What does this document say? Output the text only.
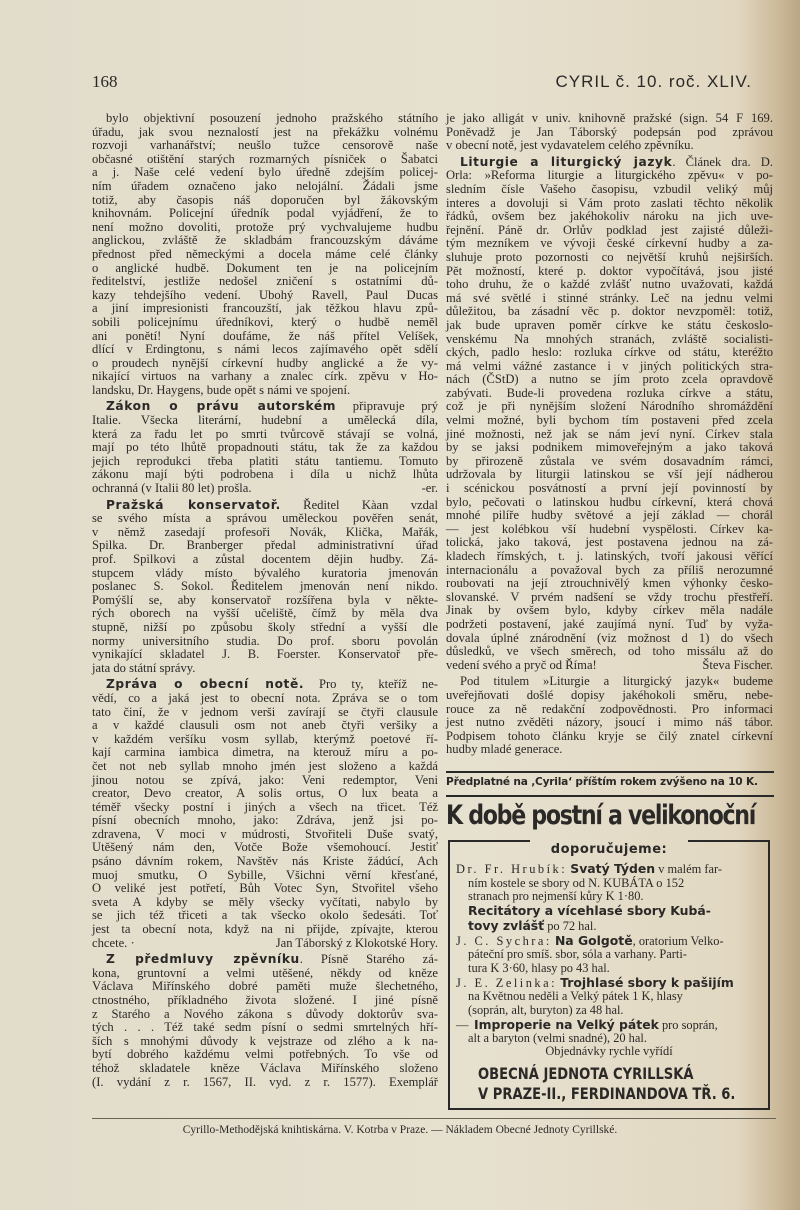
168	CYRIL č. 10. roč. XLIV.
bylo objektivní posouzení jednoho pražského státního
úřadu, jak svou neznalostí jest na překážku volnému
rozvoji varhanářství; neušlo tužce censorově naše
občasné otištění starých rozmarných písniček o Šabatci
a j. Naše celé vedení bylo úředně zdejším policej-
ním úřadem označeno jako nelojální. Žádali jsme
totiž, aby časopis náš doporučen byl žákovským
knihovnám. Policejní úředník podal vyjádření, že to
není možno dovoliti, protože prý vychvalujeme hudbu
anglickou, zvláště že skladbám francouzským dáváme
přednost před německými a docela máme celé články
o anglické hudbě. Dokument ten je na policejním
ředitelství, jestliže nedošel zničení s ostatními dů-
kazy tehdejšího vedení. Ubohý Ravell, Paul Ducas
a jiní impresionisti francouzští, jak těžkou hlavu způ-
sobili policejnímu úředníkovi, který o hudbě neměl
ani ponětí! Nyní doufáme, že náš přítel Velíšek,
dlící v Erdingtonu, s námi lecos zajímavého opět sdělí
o proudech nynější církevní hudby anglické a že vy-
nikající virtuos na varhany a znalec círk. zpěvu v Ho-
landsku, Dr. Haygens, bude opět s námi ve spojení.
Zákon o právu autorském připravuje prý
Italie. Všecka literární, hudební a umělecká díla,
která za řadu let po smrti tvůrcově stávají se volná,
mají po této lhůtě propadnouti státu, tak že za každou
jejich reprodukci třeba platiti státu tantiemu. Tomuto
zákonu mají býti podrobena i díla u nichž lhůta
-er.
ochranná (v Italii 80 let) prošla.
Pražská konservatoř. Ředitel Kàan vzdal
se svého místa a správou uměleckou pověřen senát,
v němž zasedají profesoři Novák, Klička, Mařák,
Spilka. Dr. Branberger předal administrativní úřad
prof. Spilkovi a zůstal docentem dějin hudby. Zá-
stupcem vlády místo bývalého kuratoria jmenován
poslanec S. Sokol. Ředitelem jmenován není nikdo.
Pomýšlí se, aby konservatoř rozšířena byla v někte-
rých oborech na vyšší učeliště, čímž by měla dva
stupně, nižší po způsobu školy střední a vyšší dle
normy universitního studia. Do prof. sboru povolán
vynikající skladatel J. B. Foerster. Konservatoř pře-
jata do státní správy.
Zpráva o obecní notě. Pro ty, kteříž ne-
vědí, co a jaká jest to obecní nota. Zpráva se o tom
tato činí, že v jednom verši zavírají se čtyři clausule
a v každé clausuli osm not aneb čtyři veršiky a
v každém veršíku vosm syllab, kterýmž poetové ří-
kají carmina iambica dimetra, na kterouž míru a po-
čet not neb syllab mnoho jmén jest složeno a každá
jinou notou se zpívá, jako: Veni redemptor, Veni
creator, Devo creator, A solis ortus, O lux beata a
téměř všecky postní i jiných a všech na třicet. Též
písní obecních mnoho, jako: Zdráva, jenž jsi po-
zdravena, V moci v múdrosti, Stvořiteli Duše svatý,
Utěšený nám den, Votče Bože všemohoucí. Jestiť
psáno dávním rokem, Navštěv nás Kriste žádúcí, Ach
muoj smutku, O Sybille, Všichni věrní křesťané,
O veliké jest potřetí, Bůh Votec Syn, Stvořitel všeho
sveta A kdyby se měly všecky vyčítati, nabylo by
se jich též třiceti a tak všecko okolo šedesáti. Toť
jest ta obecní nota, když na ni přijde, zpívajte, kterou
Jan Táborský z Klokotské Hory.
chcete. ·
Z předmluvy zpěvníku. Písně Starého zá-
kona, gruntovní a velmi utěšené, někdy od kněze
Václava Miřínského dobré paměti muže šlechetného,
ctnostného, příkladného života složené. I jiné písně
z Starého a Nového zákona s důvody doktorův sva-
tých . . . Též také sedm písní o sedmi smrtelných hří-
ších s mnohými důvody k vejstraze od zlého a k na-
bytí dobrého každému velmi potřebných. To vše od
téhož skladatele kněze Václava Miřínského složeno
(I. vydání z r. 1567, II. vyd. z r. 1577). Exemplář
je jako alligát v univ. knihovně pražské (sign. 54 F 169.
Poněvadž je Jan Táborský podepsán pod zprávou
v obecní notě, jest vydavatelem celého zpěvníku.
Liturgie a liturgický jazyk. Článek dra. D.
Orla: »Reforma liturgie a liturgického zpěvu« v po-
sledním čísle Vašeho časopisu, vzbudil veliký můj
interes a dovoluji si Vám proto zaslati těchto několik
řádků, ovšem bez jakéhokoliv nároku na jich uve-
řejnění. Páně dr. Orlův podklad jest zajisté důleži-
tým mezníkem ve vývoji české církevní hudby a za-
sluhuje proto pozornosti co největší kruhů nejširších.
Pět možností, které p. doktor vypočítává, jsou jisté
toho druhu, že o každé zvlášť nutno uvažovati, každá
má své světlé i stinné stránky. Leč na jednu velmi
důležitou, ba zásadní věc p. doktor nevzpoměl: totiž,
jak bude upraven poměr církve ke státu českoslo-
venskému Na mnohých stranách, zvláště socialisti-
ckých, padlo heslo: rozluka církve od státu, kteréžto
má velmi vážné zastance i v jiných politických stra-
nách (ČStD) a nutno se jím proto zcela opravdově
zabývati. Bude-li provedena rozluka církve a státu,
což je při nynějším složení Národního shromáždění
velmi možné, byli bychom tím postaveni před zcela
jiné možnosti, než jak se nám jeví nyní. Církev stala
by se jaksi podnikem mimoveřejným a jako taková
by přirozeně zůstala ve svém dosavadním rámci,
udržovala by liturgii latinskou se vší její nádherou
i scénickou posvátností a první její povinností by
bylo, pečovati o latinskou hudbu církevní, která chová
mnohé pilíře hudby světové a její základ — chorál
— jest kolébkou vší hudební vyspělosti. Církev ka-
tolická, jako taková, jest postavena jednou na zá-
kladech římských, t. j. latinských, tvoří jakousi věřící
internacionálu a považoval bych za příliš nerozumné
roubovati na její ztrouchnivělý kmen výhonky česko-
slovanské. V prvém nadšení se vždy trochu přestřeří.
Jinak by ovšem bylo, kdyby církev měla nadále
podržeti postavení, jaké zaujímá nyní. Tuď by vyža-
dovala úplné znárodnění (viz možnost d 1) do všech
důsledků, ve všech směrech, od toho missálu až do
Števa Fischer.
vedení svého a pryč od Říma!
Pod titulem »Liturgie a liturgický jazyk« budeme
uveřejňovati došlé dopisy jakéhokoli směru, nebe-
rouce za ně redakční zodpovědnosti. Pro informaci
jest nutno zvěděti názory, jsoucí i mimo náš tábor.
Podpisem tohoto článku kryje se čilý znatel církevní
hudby mladé generace.
Předplatné na ‚Cyrila‘ příštím rokem zvýšeno na 10 K.
K době postní a velikonoční
doporučujeme:
Dr. Fr. Hrubík: Svatý Týden v malém far-
ním kostele se sbory od N. KUBÁTA o 152
stranach pro nejmenší kůry K 1·80.
Recitátory a vícehlasé sbory Kubá-
tovy zvlášť po 72 hal.
J. C. Sychra: Na Golgotě, oratorium Velko-
páteční pro smíš. sbor, sóla a varhany. Parti-
tura K 3·60, hlasy po 43 hal.
J. E. Zelinka: Trojhlasé sbory k pašijím
na Květnou neděli a Velký pátek 1 K, hlasy
(soprán, alt, buryton) za 48 hal.
— Improperie na Velký pátek pro soprán,
alt a baryton (velmi snadné), 20 hal.
Objednávky rychle vyřídí
OBECNÁ JEDNOTA CYRILLSKÁ
V PRAZE-II., FERDINANDOVA TŘ. 6.
Cyrillo-Methodějská knihtiskárna. V. Kotrba v Praze. — Nákladem Obecné Jednoty Cyrillské.
